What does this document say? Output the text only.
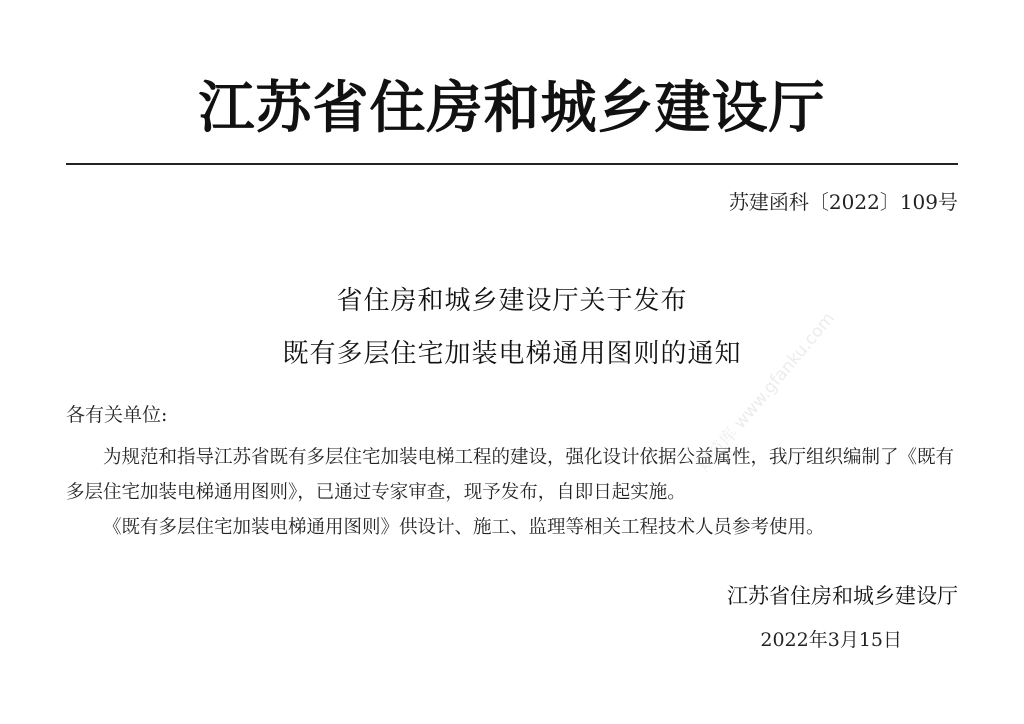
江苏省住房和城乡建设厅
苏建函科〔2022〕109号
省住房和城乡建设厅关于发布
既有多层住宅加装电梯通用图则的通知
各有关单位:

为规范和指导江苏省既有多层住宅加装电梯工程的建设，强化设计依据公益属性，我厅组织编制了《既有多层住宅加装电梯通用图则》，已通过专家审查，现予发布，自即日起实施。

《既有多层住宅加装电梯通用图则》供设计、施工、监理等相关工程技术人员参考使用。

江苏省住房和城乡建设厅
2022年3月15日
规范库 www.gfanku.com
